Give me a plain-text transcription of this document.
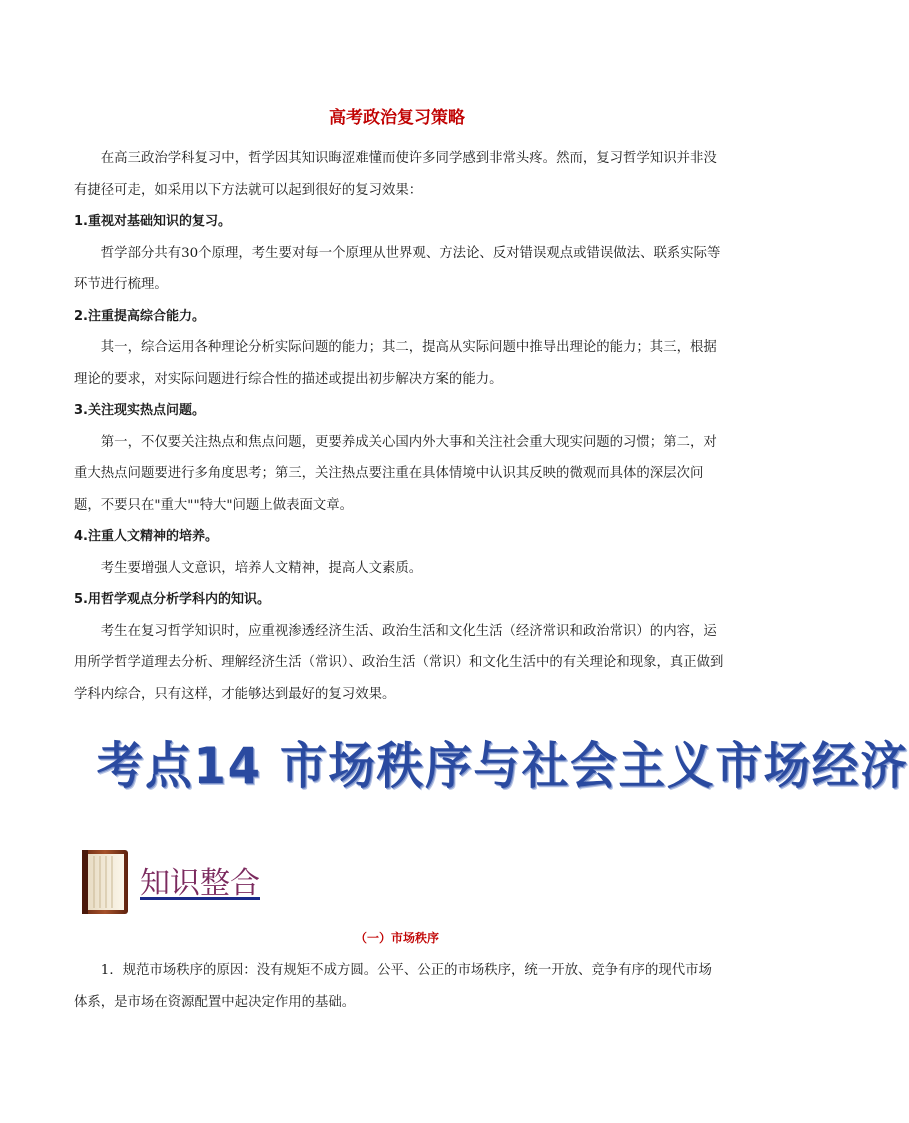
高考政治复习策略

在高三政治学科复习中，哲学因其知识晦涩难懂而使许多同学感到非常头疼。然而，复习哲学知识并非没有捷径可走，如采用以下方法就可以起到很好的复习效果：

1.重视对基础知识的复习。

哲学部分共有30个原理，考生要对每一个原理从世界观、方法论、反对错误观点或错误做法、联系实际等环节进行梳理。

2.注重提高综合能力。

其一，综合运用各种理论分析实际问题的能力；其二，提高从实际问题中推导出理论的能力；其三，根据理论的要求，对实际问题进行综合性的描述或提出初步解决方案的能力。

3.关注现实热点问题。

第一，不仅要关注热点和焦点问题，更要养成关心国内外大事和关注社会重大现实问题的习惯；第二，对重大热点问题要进行多角度思考；第三，关注热点要注重在具体情境中认识其反映的微观而具体的深层次问题，不要只在"重大""特大"问题上做表面文章。

4.注重人文精神的培养。

考生要增强人文意识，培养人文精神，提高人文素质。

5.用哲学观点分析学科内的知识。

考生在复习哲学知识时，应重视渗透经济生活、政治生活和文化生活（经济常识和政治常识）的内容，运用所学哲学道理去分析、理解经济生活（常识）、政治生活（常识）和文化生活中的有关理论和现象，真正做到学科内综合，只有这样，才能够达到最好的复习效果。

考点14 市场秩序与社会主义市场经济
知识整合
（一）市场秩序

1．规范市场秩序的原因：没有规矩不成方圆。公平、公正的市场秩序，统一开放、竞争有序的现代市场体系，是市场在资源配置中起决定作用的基础。
